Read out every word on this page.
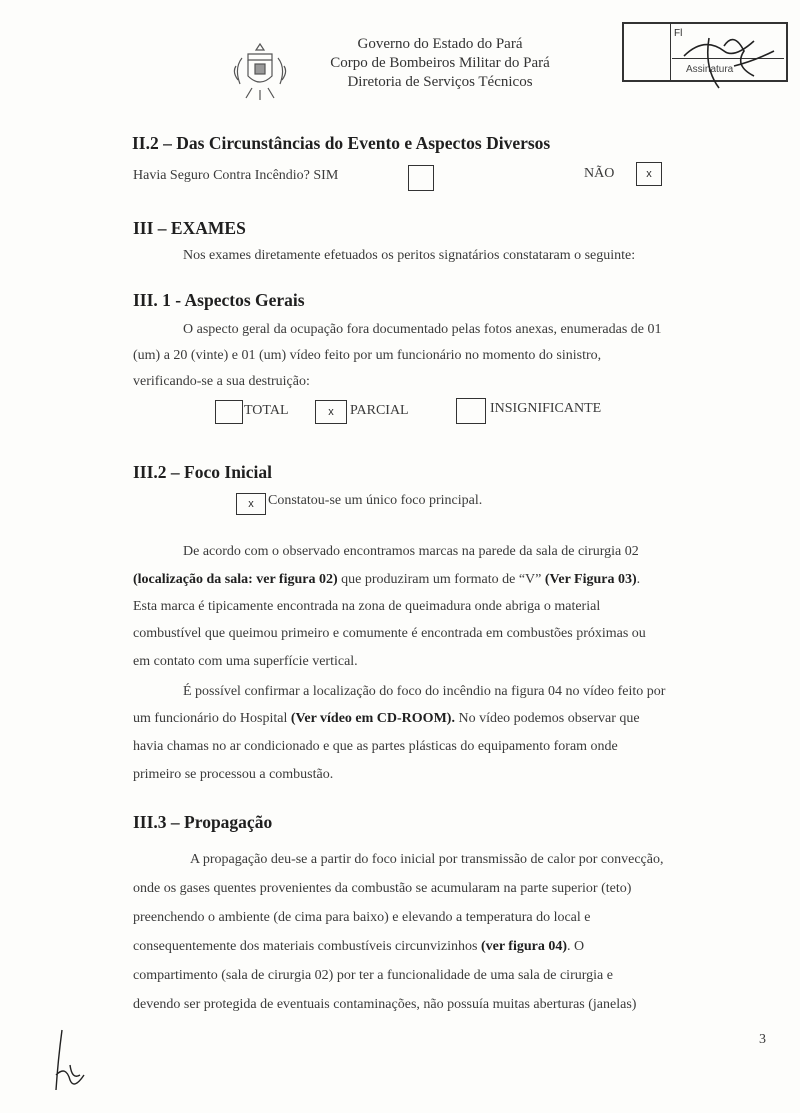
Governo do Estado do Pará
Corpo de Bombeiros Militar do Pará
Diretoria de Serviços Técnicos
Fl
Assinatura
II.2 – Das Circunstâncias do Evento e Aspectos Diversos
Havia Seguro Contra Incêndio? SIM	NÃO	x
III – EXAMES
Nos exames diretamente efetuados os peritos signatários constataram o seguinte:
III. 1 - Aspectos Gerais
O aspecto geral da ocupação fora documentado pelas fotos anexas, enumeradas de 01
(um) a 20 (vinte) e 01 (um) vídeo feito por um funcionário no momento do sinistro,
verificando-se a sua destruição:
TOTAL	x	PARCIAL	INSIGNIFICANTE
III.2 – Foco Inicial
x	Constatou-se um único foco principal.
De acordo com o observado encontramos marcas na parede da sala de cirurgia 02
(localização da sala: ver figura 02) que produziram um formato de “V” (Ver Figura 03).
Esta marca é tipicamente encontrada na zona de queimadura onde abriga o material
combustível que queimou primeiro e comumente é encontrada em combustões próximas ou
em contato com uma superfície vertical.
É possível confirmar a localização do foco do incêndio na figura 04 no vídeo feito por
um funcionário do Hospital (Ver vídeo em CD-ROOM). No vídeo podemos observar que
havia chamas no ar condicionado e que as partes plásticas do equipamento foram onde
primeiro se processou a combustão.
III.3 – Propagação
A propagação deu-se a partir do foco inicial por transmissão de calor por convecção,
onde os gases quentes provenientes da combustão se acumularam na parte superior (teto)
preenchendo o ambiente (de cima para baixo) e elevando a temperatura do local e
consequentemente dos materiais combustíveis circunvizinhos (ver figura 04). O
compartimento (sala de cirurgia 02) por ter a funcionalidade de uma sala de cirurgia e
devendo ser protegida de eventuais contaminações, não possuía muitas aberturas (janelas)
3
